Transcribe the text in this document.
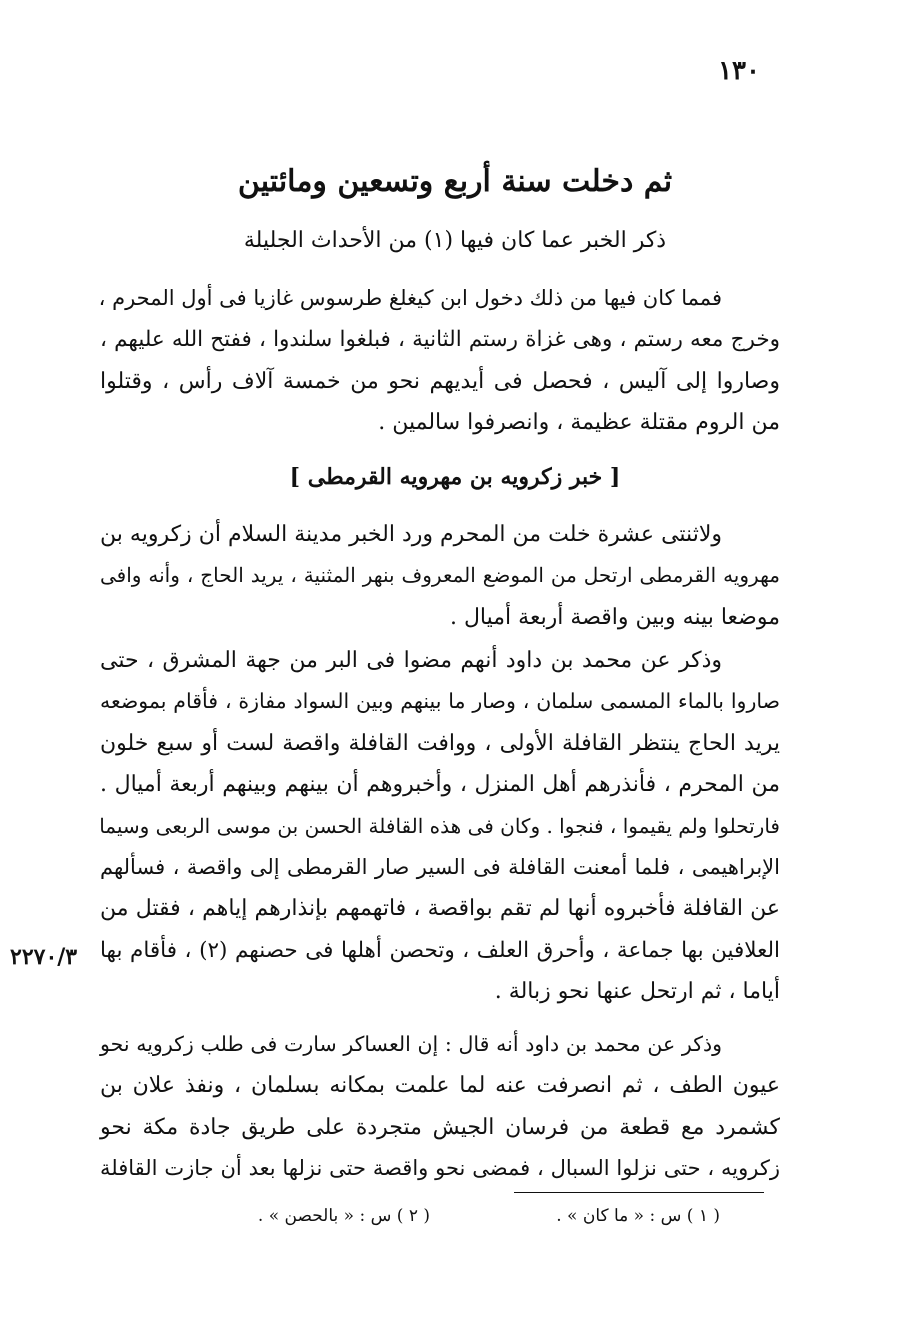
١٣٠
ثم دخلت سنة أربع وتسعين ومائتين
ذكر الخبر عما كان فيها (١) من الأحداث الجليلة
فمما كان فيها من ذلك دخول ابن كيغلغ طرسوس غازيا فى أول المحرم ،
وخرج معه رستم ، وهى غزاة رستم الثانية ، فبلغوا سلندوا ، ففتح الله عليهم ،
وصاروا إلى آليس ، فحصل فى أيديهم نحو من خمسة آلاف رأس ، وقتلوا
من الروم مقتلة عظيمة ، وانصرفوا سالمين .
[ خبر زكرويه بن مهرويه القرمطى ]
ولاثنتى عشرة خلت من المحرم ورد الخبر مدينة السلام أن زكرويه بن
مهرويه القرمطى ارتحل من الموضع المعروف بنهر المثنية ، يريد الحاج ، وأنه وافى
موضعا بينه وبين واقصة أربعة أميال .
وذكر عن محمد بن داود أنهم مضوا فى البر من جهة المشرق ، حتى
صاروا بالماء المسمى سلمان ، وصار ما بينهم وبين السواد مفازة ، فأقام بموضعه
يريد الحاج ينتظر القافلة الأولى ، ووافت القافلة واقصة لست أو سبع خلون
من المحرم ، فأنذرهم أهل المنزل ، وأخبروهم أن بينهم وبينهم أربعة أميال .
فارتحلوا ولم يقيموا ، فنجوا . وكان فى هذه القافلة الحسن بن موسى الربعى وسيما
الإبراهيمى ، فلما أمعنت القافلة فى السير صار القرمطى إلى واقصة ، فسألهم
عن القافلة فأخبروه أنها لم تقم بواقصة ، فاتهمهم بإنذارهم إياهم ، فقتل من
العلافين بها جماعة ، وأحرق العلف ، وتحصن أهلها فى حصنهم (٢) ، فأقام بها
أياما ، ثم ارتحل عنها نحو زبالة .
٢٢٧٠/٣
وذكر عن محمد بن داود أنه قال : إن العساكر سارت فى طلب زكرويه نحو
عيون الطف ، ثم انصرفت عنه لما علمت بمكانه بسلمان ، ونفذ علان بن
كشمرد مع قطعة من فرسان الجيش متجردة على طريق جادة مكة نحو
زكرويه ، حتى نزلوا السبال ، فمضى نحو واقصة حتى نزلها بعد أن جازت القافلة
( ١ ) س : « ما كان » .
( ٢ ) س : « بالحصن » .
